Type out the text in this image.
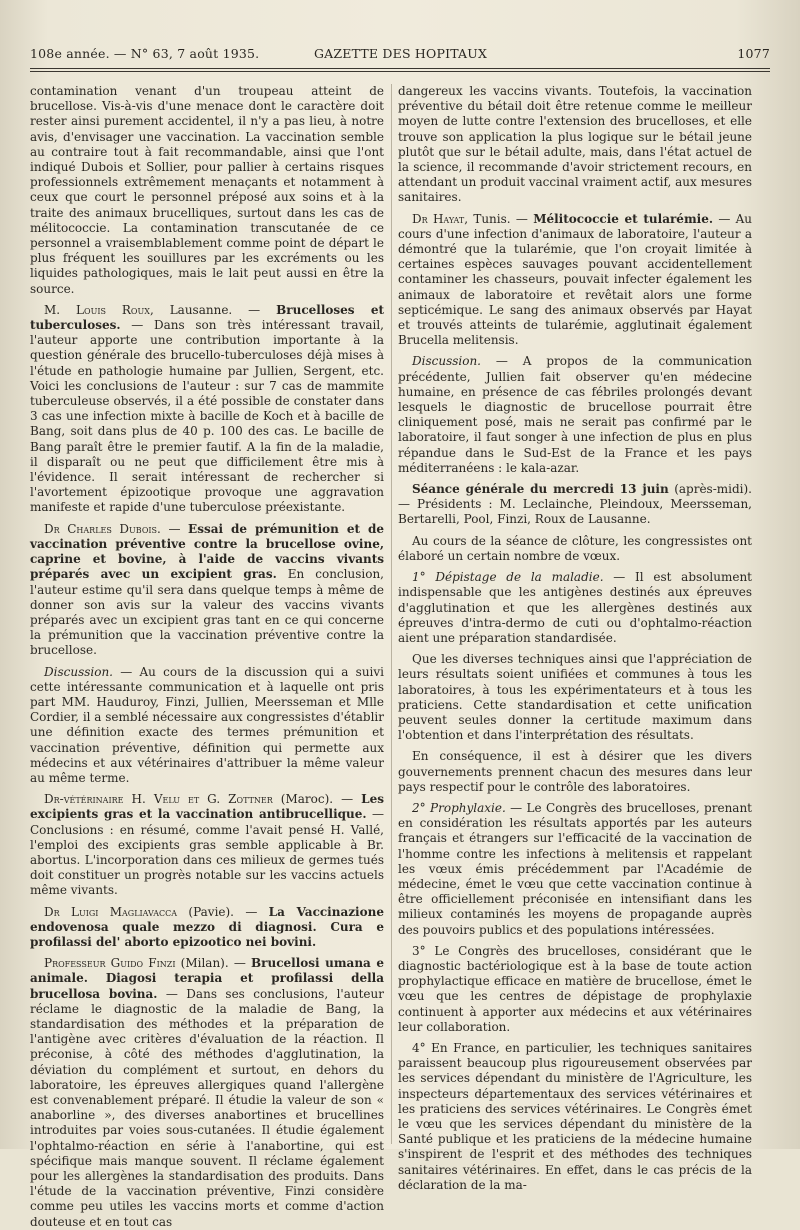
108e année. — N° 63, 7 août 1935.	GAZETTE DES HOPITAUX	1077

contamination venant d'un troupeau atteint de brucellose. Vis-à-vis d'une menace dont le caractère doit rester ainsi purement accidentel, il n'y a pas lieu, à notre avis, d'envisager une vaccination. La vaccination semble au contraire tout à fait recommandable, ainsi que l'ont indiqué Dubois et Sollier, pour pallier à certains risques professionnels extrêmement menaçants et notamment à ceux que court le personnel préposé aux soins et à la traite des animaux brucelliques, surtout dans les cas de mélitococcie. La contamination transcutanée de ce personnel a vraisemblablement comme point de départ le plus fréquent les souillures par les excréments ou les liquides pathologiques, mais le lait peut aussi en être la source.

M. Louis Roux, Lausanne. — Brucelloses et tuberculoses. — Dans son très intéressant travail, l'auteur apporte une contribution importante à la question générale des brucello-tuberculoses déjà mises à l'étude en pathologie humaine par Jullien, Sergent, etc. Voici les conclusions de l'auteur : sur 7 cas de mammite tuberculeuse observés, il a été possible de constater dans 3 cas une infection mixte à bacille de Koch et à bacille de Bang, soit dans plus de 40 p. 100 des cas. Le bacille de Bang paraît être le premier fautif. A la fin de la maladie, il disparaît ou ne peut que difficilement être mis à l'évidence. Il serait intéressant de rechercher si l'avortement épizootique provoque une aggravation manifeste et rapide d'une tuberculose préexistante.

Dr Charles Dubois. — Essai de prémunition et de vaccination préventive contre la brucellose ovine, caprine et bovine, à l'aide de vaccins vivants préparés avec un excipient gras. En conclusion, l'auteur estime qu'il sera dans quelque temps à même de donner son avis sur la valeur des vaccins vivants préparés avec un excipient gras tant en ce qui concerne la prémunition que la vaccination préventive contre la brucellose.

Discussion. — Au cours de la discussion qui a suivi cette intéressante communication et à laquelle ont pris part MM. Hauduroy, Finzi, Jullien, Meersseman et Mlle Cordier, il a semblé nécessaire aux congressistes d'établir une définition exacte des termes prémunition et vaccination préventive, définition qui permette aux médecins et aux vétérinaires d'attribuer la même valeur au même terme.

Dr-vétérinaire H. Velu et G. Zottner (Maroc). — Les excipients gras et la vaccination antibrucellique. — Conclusions : en résumé, comme l'avait pensé H. Vallé, l'emploi des excipients gras semble applicable à Br. abortus. L'incorporation dans ces milieux de germes tués doit constituer un progrès notable sur les vaccins actuels même vivants.

Dr Luigi Magliavacca (Pavie). — La Vaccinazione endovenosa quale mezzo di diagnosi. Cura e profilassi del' aborto epizootico nei bovini.

Professeur Guido Finzi (Milan). — Brucellosi umana e animale. Diagosi terapia et profilassi della brucellosa bovina. — Dans ses conclusions, l'auteur réclame le diagnostic de la maladie de Bang, la standardisation des méthodes et la préparation de l'antigène avec critères d'évaluation de la réaction. Il préconise, à côté des méthodes d'agglutination, la déviation du complément et surtout, en dehors du laboratoire, les épreuves allergiques quand l'allergène est convenablement préparé. Il étudie la valeur de son « anaborline », des diverses anabortines et brucellines introduites par voies sous-cutanées. Il étudie également l'ophtalmo-réaction en série à l'anabortine, qui est spécifique mais manque souvent. Il réclame également pour les allergènes la standardisation des produits. Dans l'étude de la vaccination préventive, Finzi considère comme peu utiles les vaccins morts et comme d'action douteuse et en tout cas

dangereux les vaccins vivants. Toutefois, la vaccination préventive du bétail doit être retenue comme le meilleur moyen de lutte contre l'extension des brucelloses, et elle trouve son application la plus logique sur le bétail jeune plutôt que sur le bétail adulte, mais, dans l'état actuel de la science, il recommande d'avoir strictement recours, en attendant un produit vaccinal vraiment actif, aux mesures sanitaires.

Dr Hayat, Tunis. — Mélitococcie et tularémie. — Au cours d'une infection d'animaux de laboratoire, l'auteur a démontré que la tularémie, que l'on croyait limitée à certaines espèces sauvages pouvant accidentellement contaminer les chasseurs, pouvait infecter également les animaux de laboratoire et revêtait alors une forme septicémique. Le sang des animaux observés par Hayat et trouvés atteints de tularémie, agglutinait également Brucella melitensis.

Discussion. — A propos de la communication précédente, Jullien fait observer qu'en médecine humaine, en présence de cas fébriles prolongés devant lesquels le diagnostic de brucellose pourrait être cliniquement posé, mais ne serait pas confirmé par le laboratoire, il faut songer à une infection de plus en plus répandue dans le Sud-Est de la France et les pays méditerranéens : le kala-azar.

Séance générale du mercredi 13 juin (après-midi). — Présidents : M. Leclainche, Pleindoux, Meersseman, Bertarelli, Pool, Finzi, Roux de Lausanne.

Au cours de la séance de clôture, les congressistes ont élaboré un certain nombre de vœux.

1° Dépistage de la maladie. — Il est absolument indispensable que les antigènes destinés aux épreuves d'agglutination et que les allergènes destinés aux épreuves d'intra-dermo de cuti ou d'ophtalmo-réaction aient une préparation standardisée.

Que les diverses techniques ainsi que l'appréciation de leurs résultats soient unifiées et communes à tous les laboratoires, à tous les expérimentateurs et à tous les praticiens. Cette standardisation et cette unification peuvent seules donner la certitude maximum dans l'obtention et dans l'interprétation des résultats.

En conséquence, il est à désirer que les divers gouvernements prennent chacun des mesures dans leur pays respectif pour le contrôle des laboratoires.

2° Prophylaxie. — Le Congrès des brucelloses, prenant en considération les résultats apportés par les auteurs français et étrangers sur l'efficacité de la vaccination de l'homme contre les infections à melitensis et rappelant les vœux émis précédemment par l'Académie de médecine, émet le vœu que cette vaccination continue à être officiellement préconisée en intensifiant dans les milieux contaminés les moyens de propagande auprès des pouvoirs publics et des populations intéressées.

3° Le Congrès des brucelloses, considérant que le diagnostic bactériologique est à la base de toute action prophylactique efficace en matière de brucellose, émet le vœu que les centres de dépistage de prophylaxie continuent à apporter aux médecins et aux vétérinaires leur collaboration.

4° En France, en particulier, les techniques sanitaires paraissent beaucoup plus rigoureusement observées par les services dépendant du ministère de l'Agriculture, les inspecteurs départementaux des services vétérinaires et les praticiens des services vétérinaires. Le Congrès émet le vœu que les services dépendant du ministère de la Santé publique et les praticiens de la médecine humaine s'inspirent de l'esprit et des méthodes des techniques sanitaires vétérinaires. En effet, dans le cas précis de la déclaration de la ma-
